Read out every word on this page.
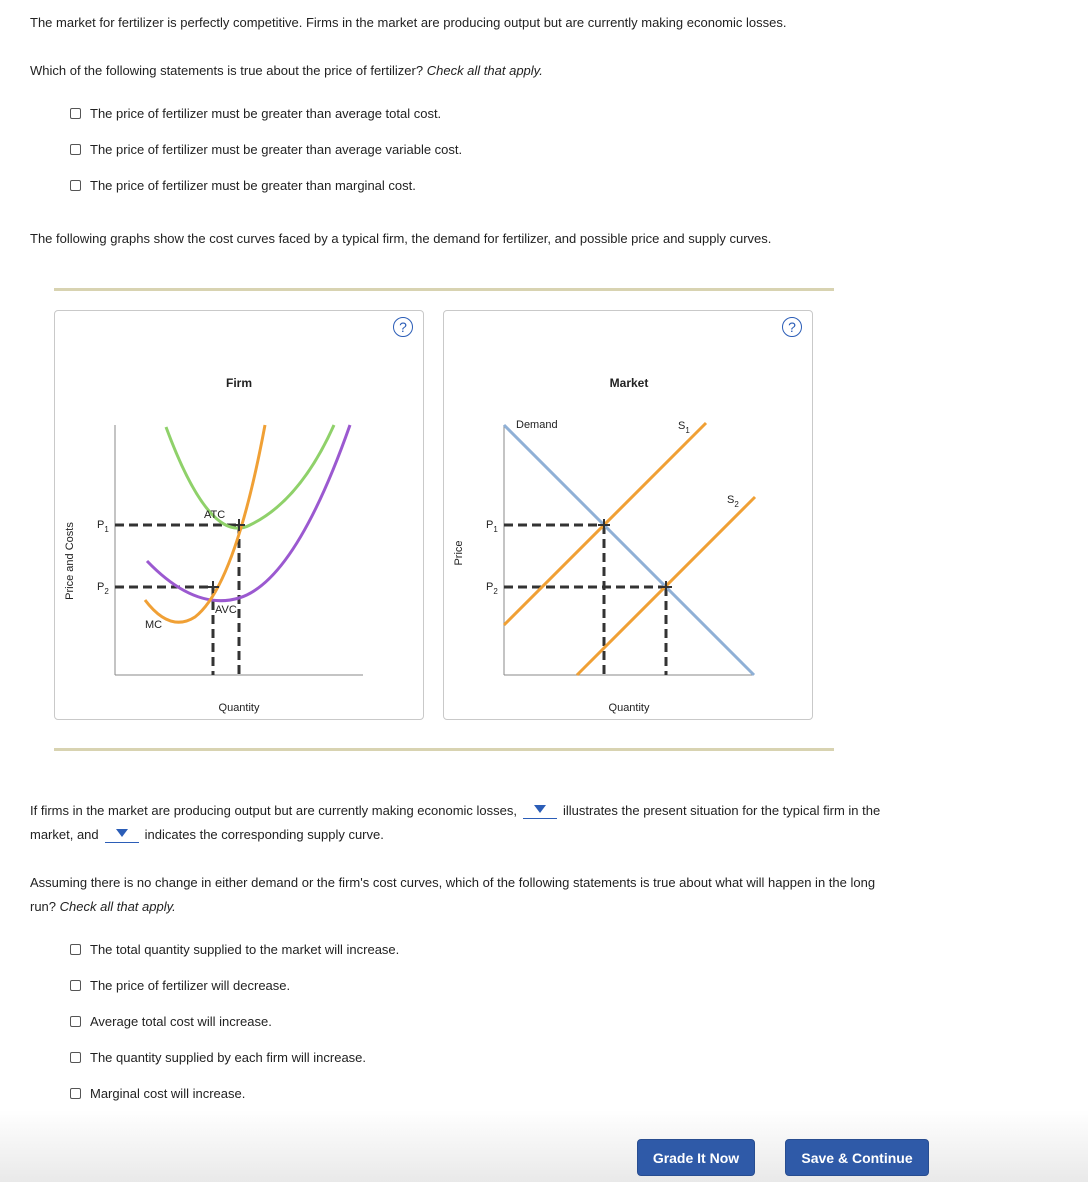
The market for fertilizer is perfectly competitive. Firms in the market are producing output but are currently making economic losses.
Which of the following statements is true about the price of fertilizer? Check all that apply.
The price of fertilizer must be greater than average total cost.
The price of fertilizer must be greater than average variable cost.
The price of fertilizer must be greater than marginal cost.
The following graphs show the cost curves faced by a typical firm, the demand for fertilizer, and possible price and supply curves.
?
Firm
Price and Costs
Quantity
$P_1$
$P_2$
ATC
AVC
MC
?
Market
Price
Quantity
$P_1$
$P_2$
Demand	$S_1$
$S_2$
If firms in the market are producing output but are currently making economic losses,	illustrates the present situation for the typical firm in the
market, and	indicates the corresponding supply curve.
Assuming there is no change in either demand or the firm's cost curves, which of the following statements is true about what will happen in the long
run? Check all that apply.
The total quantity supplied to the market will increase.
The price of fertilizer will decrease.
Average total cost will increase.
The quantity supplied by each firm will increase.
Marginal cost will increase.
Grade It Now	Save & Continue
